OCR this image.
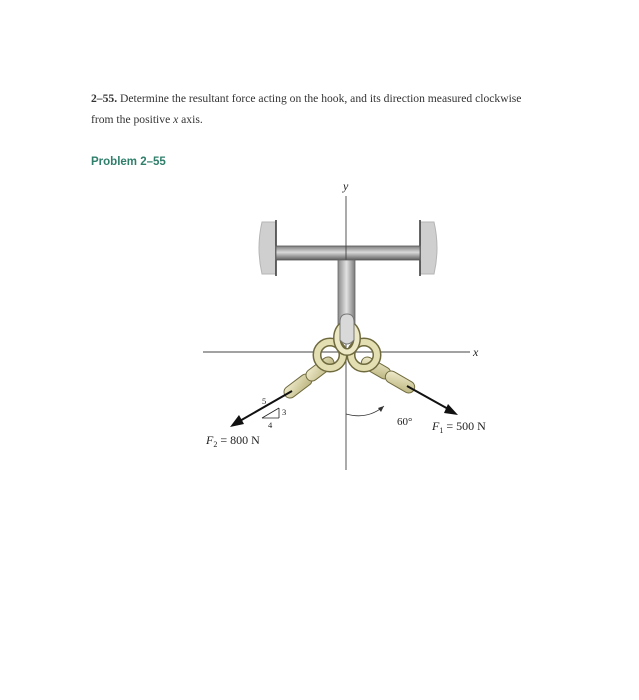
2–55. Determine the resultant force acting on the hook, and its direction measured clockwise
from the positive x axis.
Problem 2–55
y
x
60°
5
3
4	$F_1 = 500$ N
$F_2 = 800$ N
